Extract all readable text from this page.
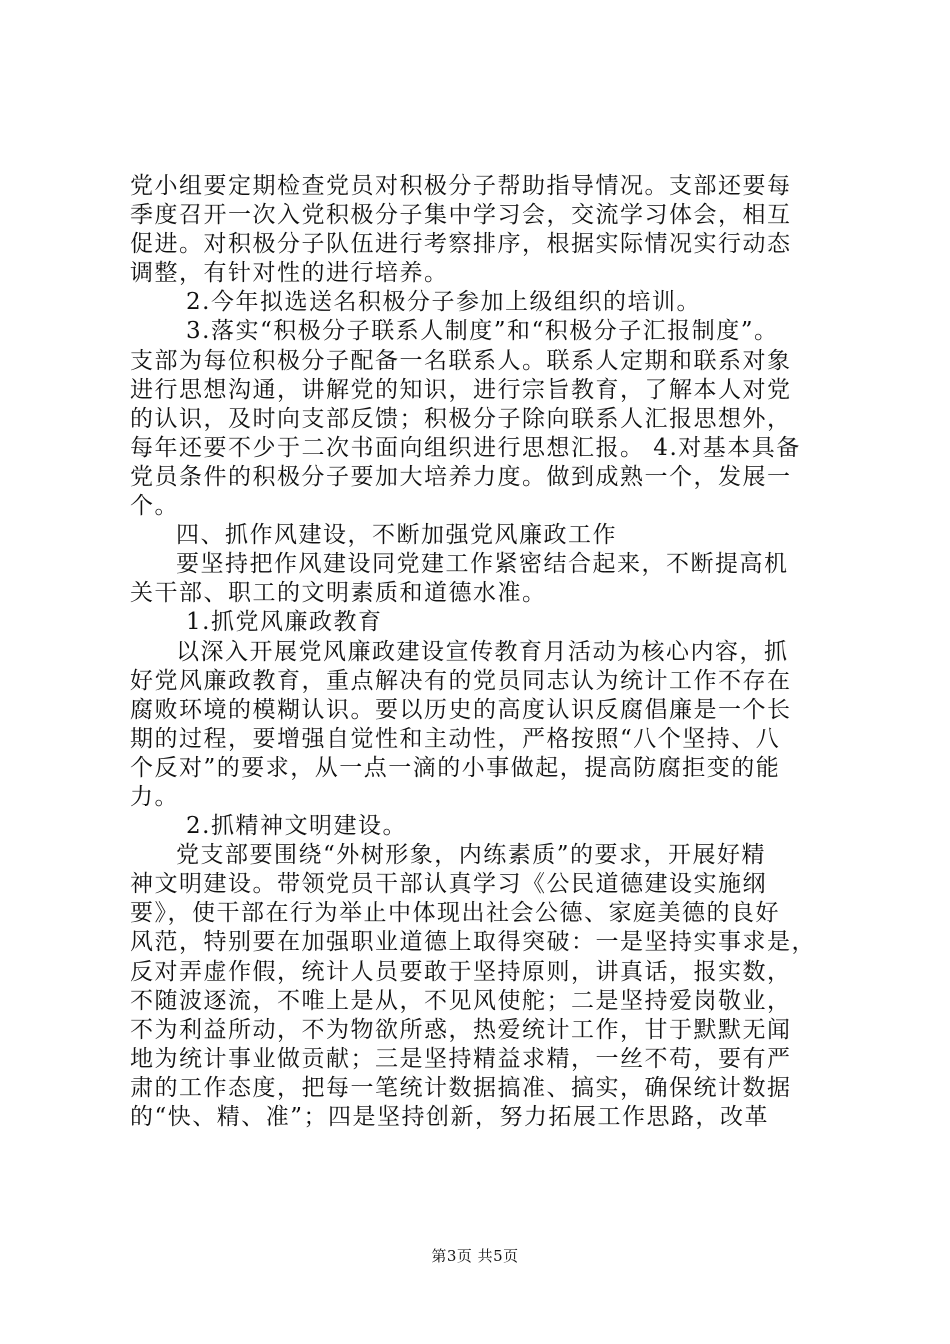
党小组要定期检查党员对积极分子帮助指导情况。支部还要每
季度召开一次入党积极分子集中学习会，交流学习体会，相互
促进。对积极分子队伍进行考察排序，根据实际情况实行动态
调整，有针对性的进行培养。
2.今年拟选送名积极分子参加上级组织的培训。
3.落实“积极分子联系人制度”和“积极分子汇报制度”。
支部为每位积极分子配备一名联系人。联系人定期和联系对象
进行思想沟通，讲解党的知识，进行宗旨教育，了解本人对党
的认识，及时向支部反馈；积极分子除向联系人汇报思想外，
每年还要不少于二次书面向组织进行思想汇报。 4.对基本具备
党员条件的积极分子要加大培养力度。做到成熟一个，发展一
个。
四、抓作风建设，不断加强党风廉政工作
要坚持把作风建设同党建工作紧密结合起来，不断提高机
关干部、职工的文明素质和道德水准。
1.抓党风廉政教育
以深入开展党风廉政建设宣传教育月活动为核心内容，抓
好党风廉政教育，重点解决有的党员同志认为统计工作不存在
腐败环境的模糊认识。要以历史的高度认识反腐倡廉是一个长
期的过程，要增强自觉性和主动性，严格按照“八个坚持、八
个反对”的要求，从一点一滴的小事做起，提高防腐拒变的能
力。
2.抓精神文明建设。
党支部要围绕“外树形象，内练素质”的要求，开展好精
神文明建设。带领党员干部认真学习《公民道德建设实施纲
要》，使干部在行为举止中体现出社会公德、家庭美德的良好
风范，特别要在加强职业道德上取得突破：一是坚持实事求是，
反对弄虚作假，统计人员要敢于坚持原则，讲真话，报实数，
不随波逐流，不唯上是从，不见风使舵；二是坚持爱岗敬业，
不为利益所动，不为物欲所惑，热爱统计工作，甘于默默无闻
地为统计事业做贡献；三是坚持精益求精，一丝不苟，要有严
肃的工作态度，把每一笔统计数据搞准、搞实，确保统计数据
的“快、精、准”；四是坚持创新，努力拓展工作思路，改革
第3页 共5页
